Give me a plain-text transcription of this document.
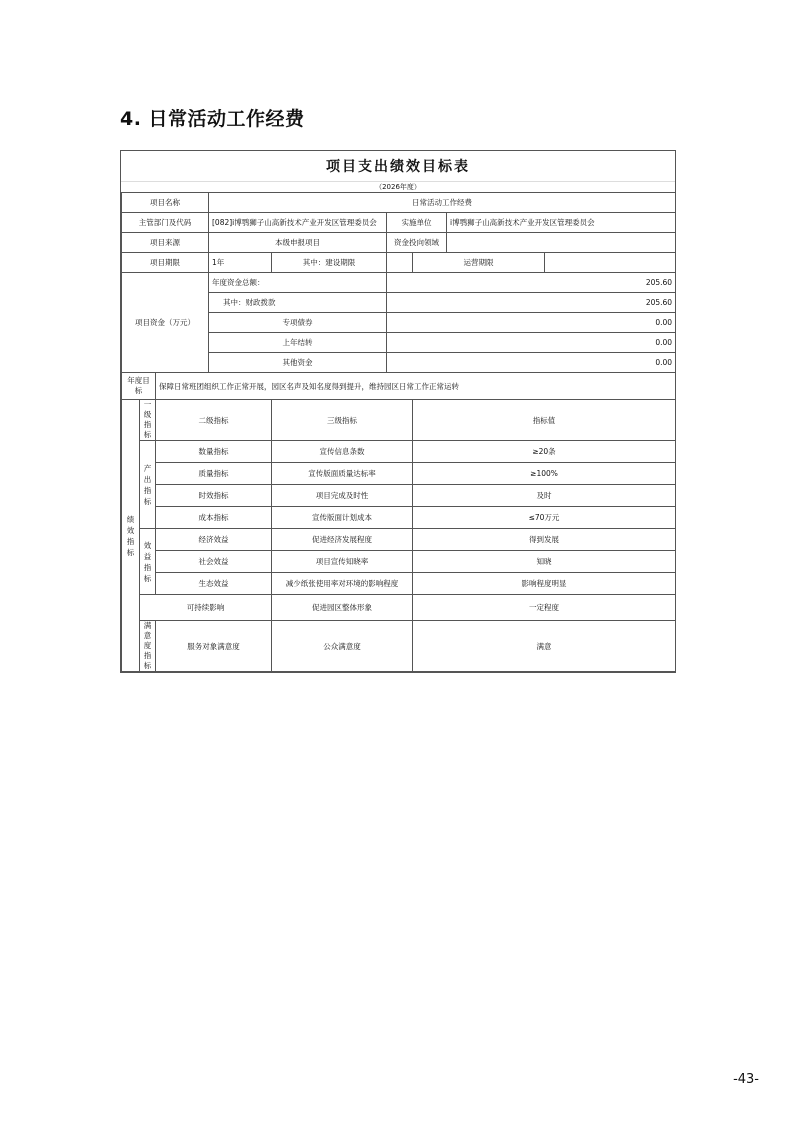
4. 日常活动工作经费
项目支出绩效目标表
（2026年度）
项目名称			日常活动工作经费					
主管部门及代码			[082]i博鹗狮子山高新技术产业开发区管理委员会		实施单位		i博鹗狮子山高新技术产业开发区管理委员会	
项目来源			本级申报项目		资金投向领域			
项目期限			1年	其中：建设期限		运营期限		
项目资金（万元）			年度资金总额：		205.60			
			其中：财政拨款		205.60			
			专项债券		0.00			
			上年结转		0.00			
			其他资金		0.00			
年度目标		保障日常班团组织工作正常开展，园区名声及知名度得到提升，维持园区日常工作正常运转						
绩效指标	一级指标	二级指标		三级指标		指标值		
	产出指标	数量指标		宣传信息条数		≥20条		
		质量指标		宣传版面质量达标率		≥100%		
		时效指标		项目完成及时性		及时		
		成本指标		宣传版面计划成本		≤70万元		
	效益指标	经济效益		促进经济发展程度		得到发展		
		社会效益		项目宣传知晓率		知晓		
		生态效益		减少纸张使用率对环境的影响程度		影响程度明显		
	可持续影响			促进园区整体形象		一定程度		
	满意度指标	服务对象满意度		公众满意度		满意		
-43-
